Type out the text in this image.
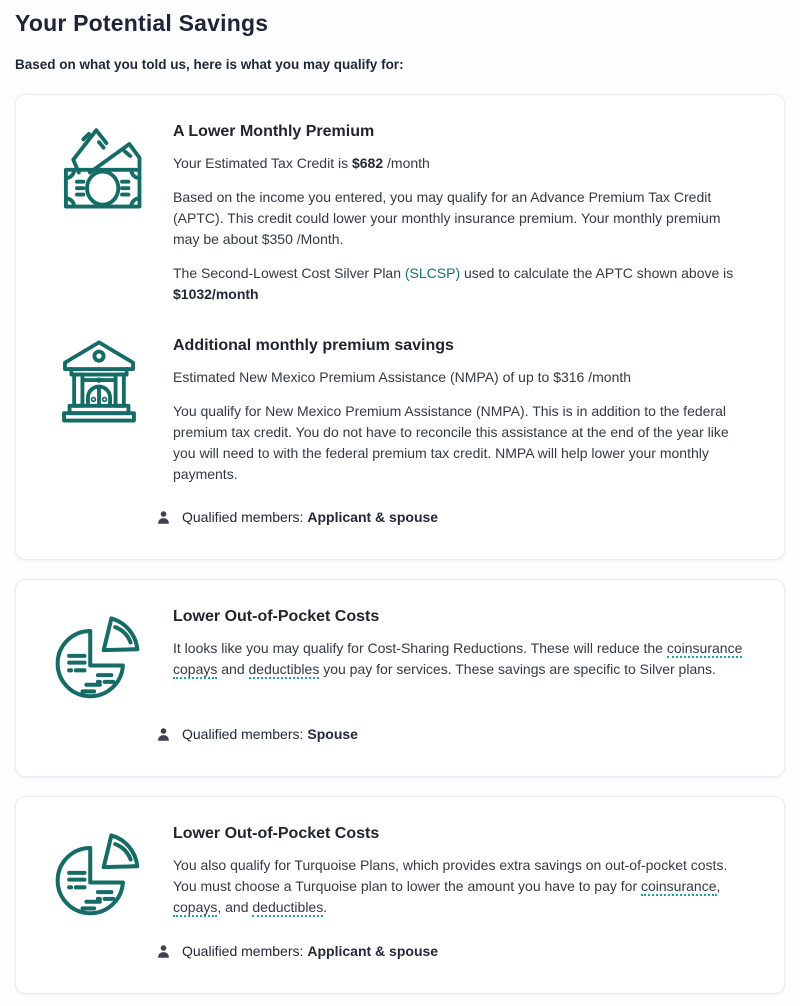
Your Potential Savings

Based on what you told us, here is what you may qualify for:

A Lower Monthly Premium

Your Estimated Tax Credit is $682 /month

Based on the income you entered, you may qualify for an Advance Premium Tax Credit (APTC). This credit could lower your monthly insurance premium. Your monthly premium may be about $350 /Month.

The Second-Lowest Cost Silver Plan (SLCSP) used to calculate the APTC shown above is $1032/month

Additional monthly premium savings

Estimated New Mexico Premium Assistance (NMPA) of up to $316 /month

You qualify for New Mexico Premium Assistance (NMPA). This is in addition to the federal premium tax credit. You do not have to reconcile this assistance at the end of the year like you will need to with the federal premium tax credit. NMPA will help lower your monthly payments.

Qualified members: Applicant & spouse
Lower Out-of-Pocket Costs

It looks like you may qualify for Cost-Sharing Reductions. These will reduce the coinsurance copays and deductibles you pay for services. These savings are specific to Silver plans.

Qualified members: Spouse
Lower Out-of-Pocket Costs

You also qualify for Turquoise Plans, which provides extra savings on out-of-pocket costs. You must choose a Turquoise plan to lower the amount you have to pay for coinsurance, copays, and deductibles.

Qualified members: Applicant & spouse
